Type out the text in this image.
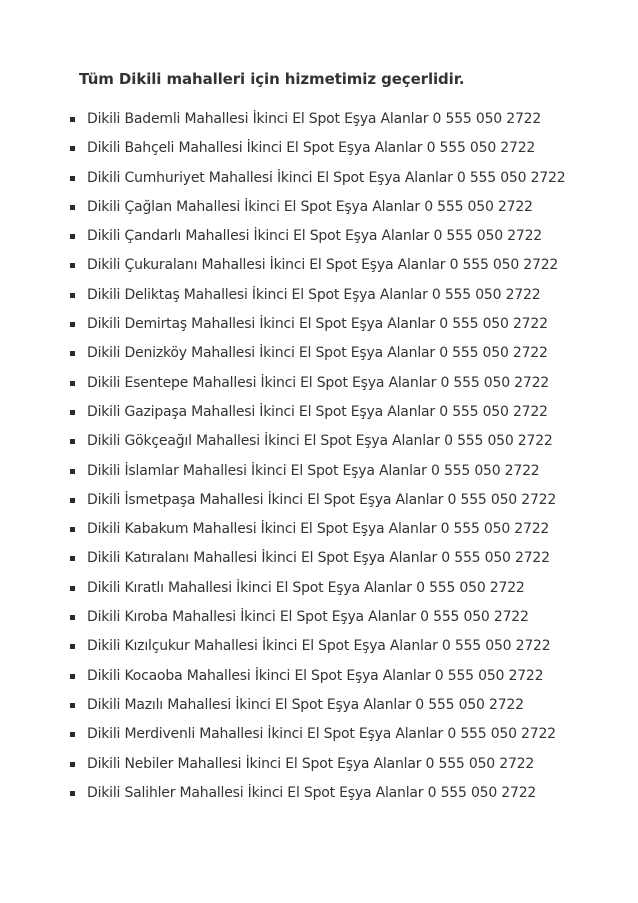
Tüm Dikili mahalleri için hizmetimiz geçerlidir.
Dikili Bademli Mahallesi İkinci El Spot Eşya Alanlar 0 555 050 2722
Dikili Bahçeli Mahallesi İkinci El Spot Eşya Alanlar 0 555 050 2722
Dikili Cumhuriyet Mahallesi İkinci El Spot Eşya Alanlar 0 555 050 2722
Dikili Çağlan Mahallesi İkinci El Spot Eşya Alanlar 0 555 050 2722
Dikili Çandarlı Mahallesi İkinci El Spot Eşya Alanlar 0 555 050 2722
Dikili Çukuralanı Mahallesi İkinci El Spot Eşya Alanlar 0 555 050 2722
Dikili Deliktaş Mahallesi İkinci El Spot Eşya Alanlar 0 555 050 2722
Dikili Demirtaş Mahallesi İkinci El Spot Eşya Alanlar 0 555 050 2722
Dikili Denizköy Mahallesi İkinci El Spot Eşya Alanlar 0 555 050 2722
Dikili Esentepe Mahallesi İkinci El Spot Eşya Alanlar 0 555 050 2722
Dikili Gazipaşa Mahallesi İkinci El Spot Eşya Alanlar 0 555 050 2722
Dikili Gökçeağıl Mahallesi İkinci El Spot Eşya Alanlar 0 555 050 2722
Dikili İslamlar Mahallesi İkinci El Spot Eşya Alanlar 0 555 050 2722
Dikili İsmetpaşa Mahallesi İkinci El Spot Eşya Alanlar 0 555 050 2722
Dikili Kabakum Mahallesi İkinci El Spot Eşya Alanlar 0 555 050 2722
Dikili Katıralanı Mahallesi İkinci El Spot Eşya Alanlar 0 555 050 2722
Dikili Kıratlı Mahallesi İkinci El Spot Eşya Alanlar 0 555 050 2722
Dikili Kıroba Mahallesi İkinci El Spot Eşya Alanlar 0 555 050 2722
Dikili Kızılçukur Mahallesi İkinci El Spot Eşya Alanlar 0 555 050 2722
Dikili Kocaoba Mahallesi İkinci El Spot Eşya Alanlar 0 555 050 2722
Dikili Mazılı Mahallesi İkinci El Spot Eşya Alanlar 0 555 050 2722
Dikili Merdivenli Mahallesi İkinci El Spot Eşya Alanlar 0 555 050 2722
Dikili Nebiler Mahallesi İkinci El Spot Eşya Alanlar 0 555 050 2722
Dikili Salihler Mahallesi İkinci El Spot Eşya Alanlar 0 555 050 2722
